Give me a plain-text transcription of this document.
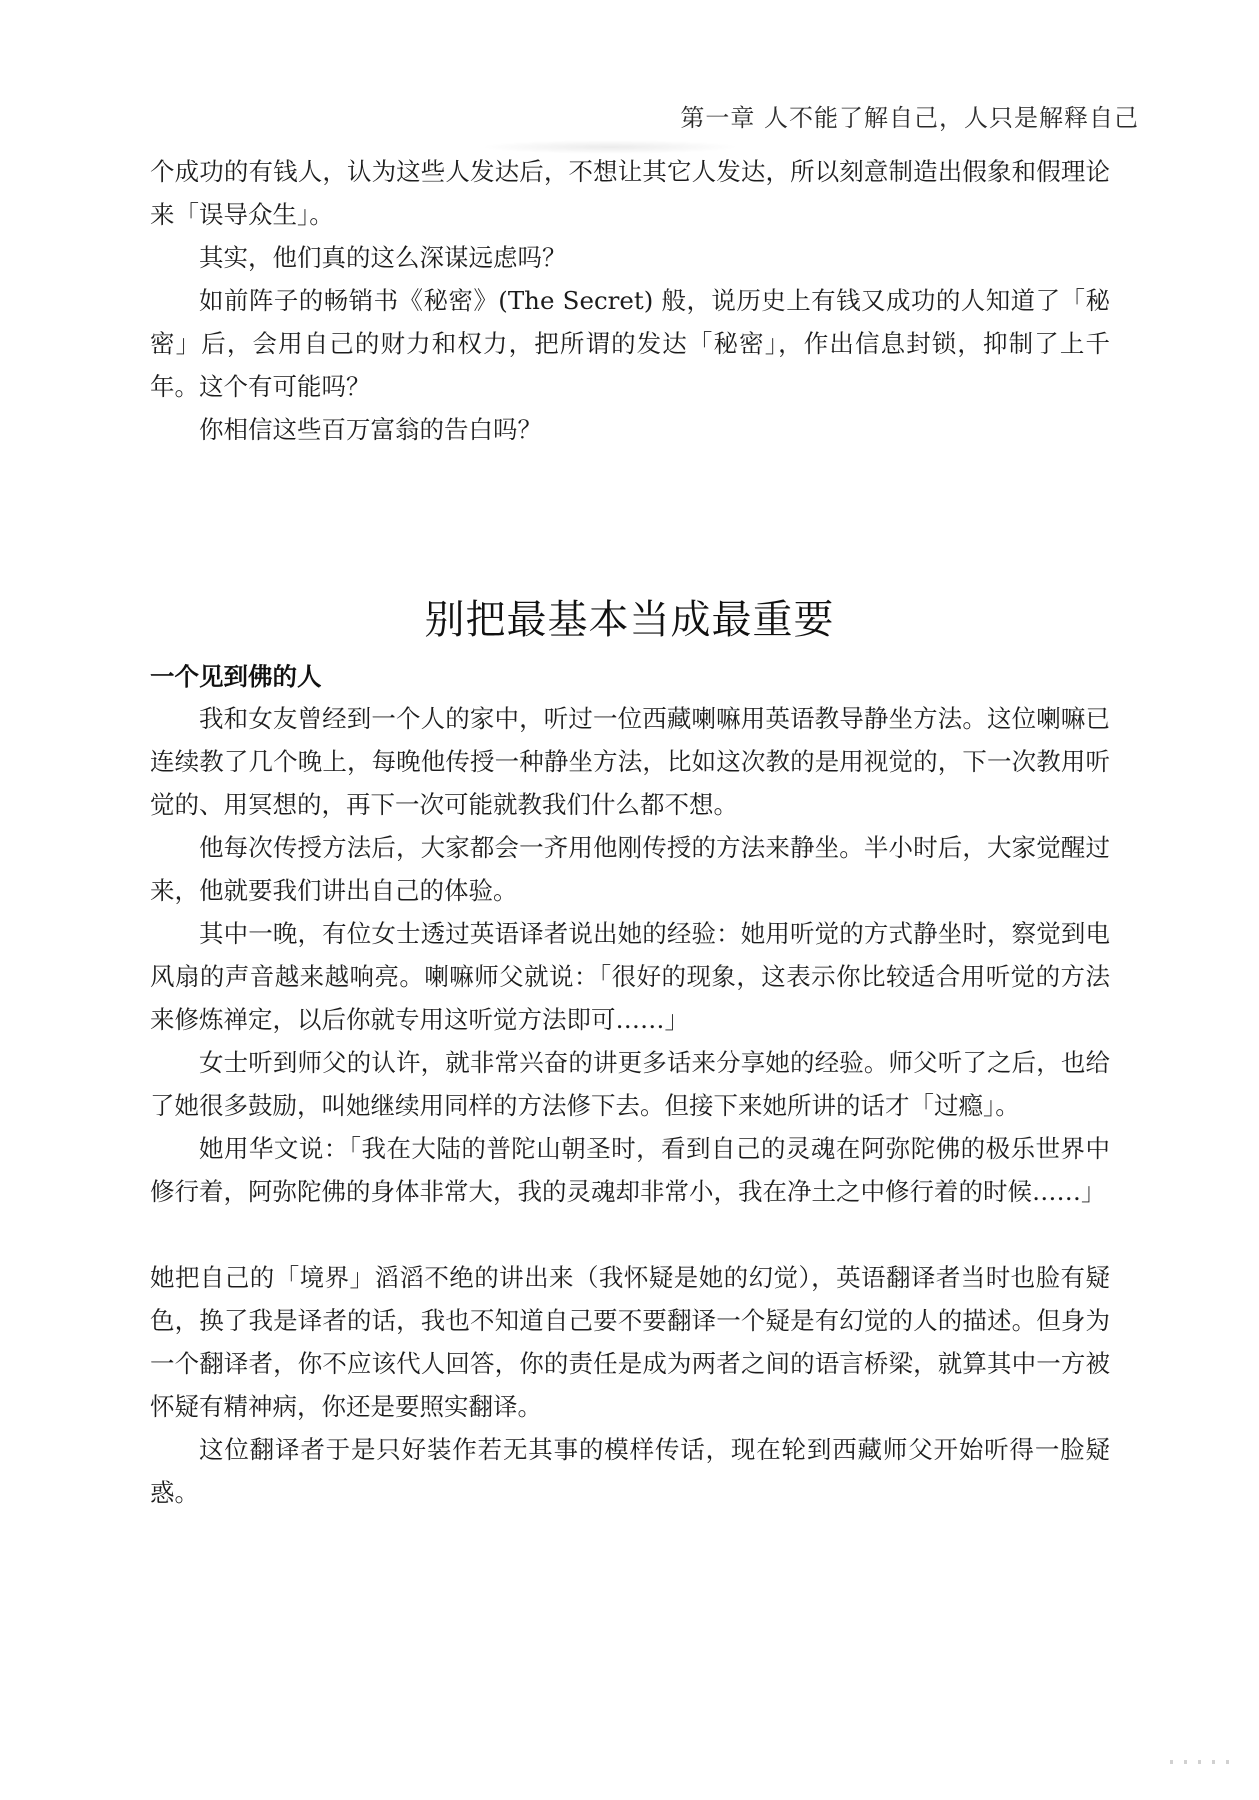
第一章 人不能了解自己，人只是解释自己

个成功的有钱人，认为这些人发达后，不想让其它人发达，所以刻意制造出假象和假理论来「误导众生」。

其实，他们真的这么深谋远虑吗？

如前阵子的畅销书《秘密》(The Secret) 般，说历史上有钱又成功的人知道了「秘密」后，会用自己的财力和权力，把所谓的发达「秘密」，作出信息封锁，抑制了上千年。这个有可能吗？

你相信这些百万富翁的告白吗？

别把最基本当成最重要
一个见到佛的人

我和女友曾经到一个人的家中，听过一位西藏喇嘛用英语教导静坐方法。这位喇嘛已连续教了几个晚上，每晚他传授一种静坐方法，比如这次教的是用视觉的，下一次教用听觉的、用冥想的，再下一次可能就教我们什么都不想。

他每次传授方法后，大家都会一齐用他刚传授的方法来静坐。半小时后，大家觉醒过来，他就要我们讲出自己的体验。

其中一晚，有位女士透过英语译者说出她的经验：她用听觉的方式静坐时，察觉到电风扇的声音越来越响亮。喇嘛师父就说：「很好的现象，这表示你比较适合用听觉的方法来修炼禅定，以后你就专用这听觉方法即可……」

女士听到师父的认许，就非常兴奋的讲更多话来分享她的经验。师父听了之后，也给了她很多鼓励，叫她继续用同样的方法修下去。但接下来她所讲的话才「过瘾」。

她用华文说：「我在大陆的普陀山朝圣时，看到自己的灵魂在阿弥陀佛的极乐世界中修行着，阿弥陀佛的身体非常大，我的灵魂却非常小，我在净土之中修行着的时候……」

她把自己的「境界」滔滔不绝的讲出来（我怀疑是她的幻觉），英语翻译者当时也脸有疑色，换了我是译者的话，我也不知道自己要不要翻译一个疑是有幻觉的人的描述。但身为一个翻译者，你不应该代人回答，你的责任是成为两者之间的语言桥梁，就算其中一方被怀疑有精神病，你还是要照实翻译。

这位翻译者于是只好装作若无其事的模样传话，现在轮到西藏师父开始听得一脸疑惑。
